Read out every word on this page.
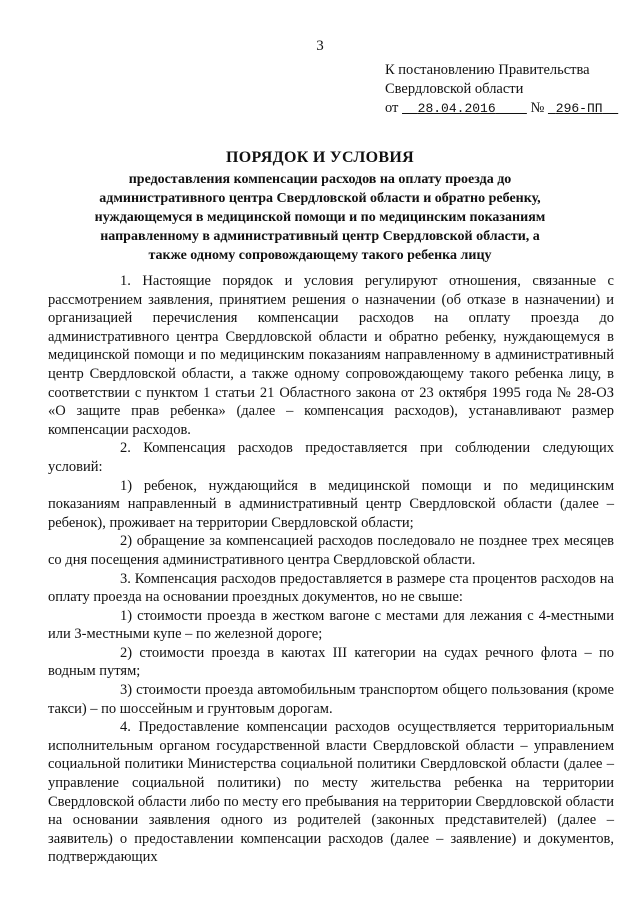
3
К постановлению Правительства
Свердловской области
от 28.04.2016 № 296-ПП
ПОРЯДОК И УСЛОВИЯ
предоставления компенсации расходов на оплату проезда до административного центра Свердловской области и обратно ребенку, нуждающемуся в медицинской помощи и по медицинским показаниям направленному в административный центр Свердловской области, а также одному сопровождающему такого ребенка лицу

1. Настоящие порядок и условия регулируют отношения, связанные с рассмотрением заявления, принятием решения о назначении (об отказе в назначении) и организацией перечисления компенсации расходов на оплату проезда до административного центра Свердловской области и обратно ребенку, нуждающемуся в медицинской помощи и по медицинским показаниям направленному в административный центр Свердловской области, а также одному сопровождающему такого ребенка лицу, в соответствии с пунктом 1 статьи 21 Областного закона от 23 октября 1995 года № 28-ОЗ «О защите прав ребенка» (далее – компенсация расходов), устанавливают размер компенсации расходов.

2. Компенсация расходов предоставляется при соблюдении следующих условий:

1) ребенок, нуждающийся в медицинской помощи и по медицинским показаниям направленный в административный центр Свердловской области (далее – ребенок), проживает на территории Свердловской области;

2) обращение за компенсацией расходов последовало не позднее трех месяцев со дня посещения административного центра Свердловской области.

3. Компенсация расходов предоставляется в размере ста процентов расходов на оплату проезда на основании проездных документов, но не свыше:

1) стоимости проезда в жестком вагоне с местами для лежания с 4-местными или 3-местными купе – по железной дороге;

2) стоимости проезда в каютах III категории на судах речного флота – по водным путям;

3) стоимости проезда автомобильным транспортом общего пользования (кроме такси) – по шоссейным и грунтовым дорогам.

4. Предоставление компенсации расходов осуществляется территориальным исполнительным органом государственной власти Свердловской области – управлением социальной политики Министерства социальной политики Свердловской области (далее – управление социальной политики) по месту жительства ребенка на территории Свердловской области либо по месту его пребывания на территории Свердловской области на основании заявления одного из родителей (законных представителей) (далее – заявитель) о предоставлении компенсации расходов (далее – заявление) и документов, подтверждающих
